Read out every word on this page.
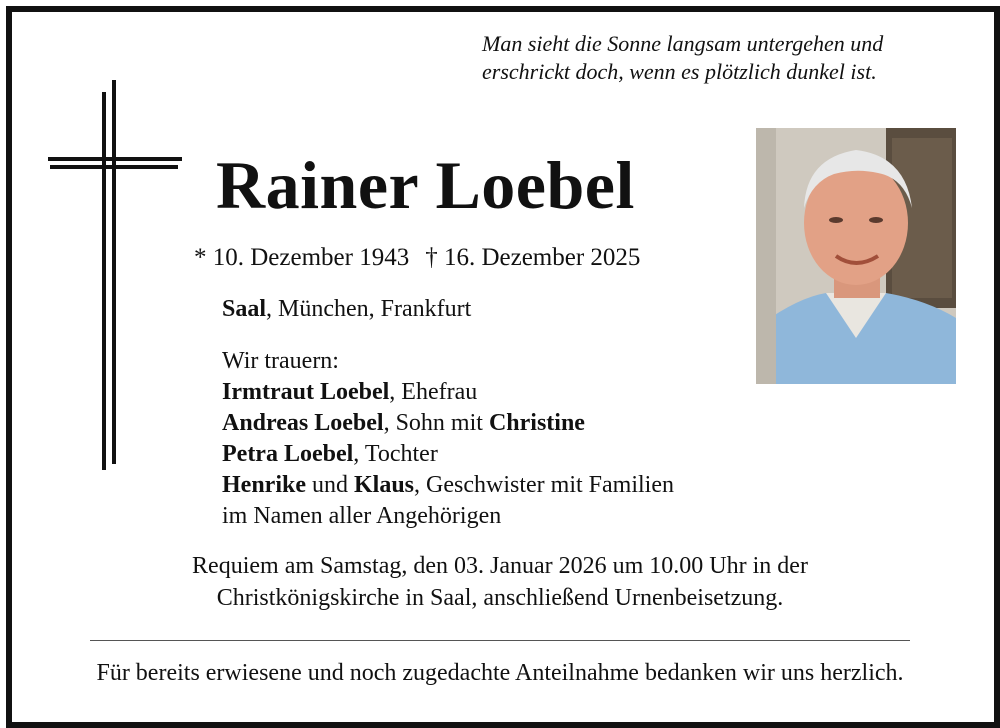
Man sieht die Sonne langsam untergehen und
erschrickt doch, wenn es plötzlich dunkel ist.
Rainer Loebel
* 10. Dezember 1943 † 16. Dezember 2025
Saal, München, Frankfurt
Wir trauern:
Irmtraut Loebel, Ehefrau
Andreas Loebel, Sohn mit Christine
Petra Loebel, Tochter
Henrike und Klaus, Geschwister mit Familien
im Namen aller Angehörigen
Requiem am Samstag, den 03. Januar 2026 um 10.00 Uhr in der
Christkönigskirche in Saal, anschließend Urnenbeisetzung.
Für bereits erwiesene und noch zugedachte Anteilnahme bedanken wir uns herzlich.
